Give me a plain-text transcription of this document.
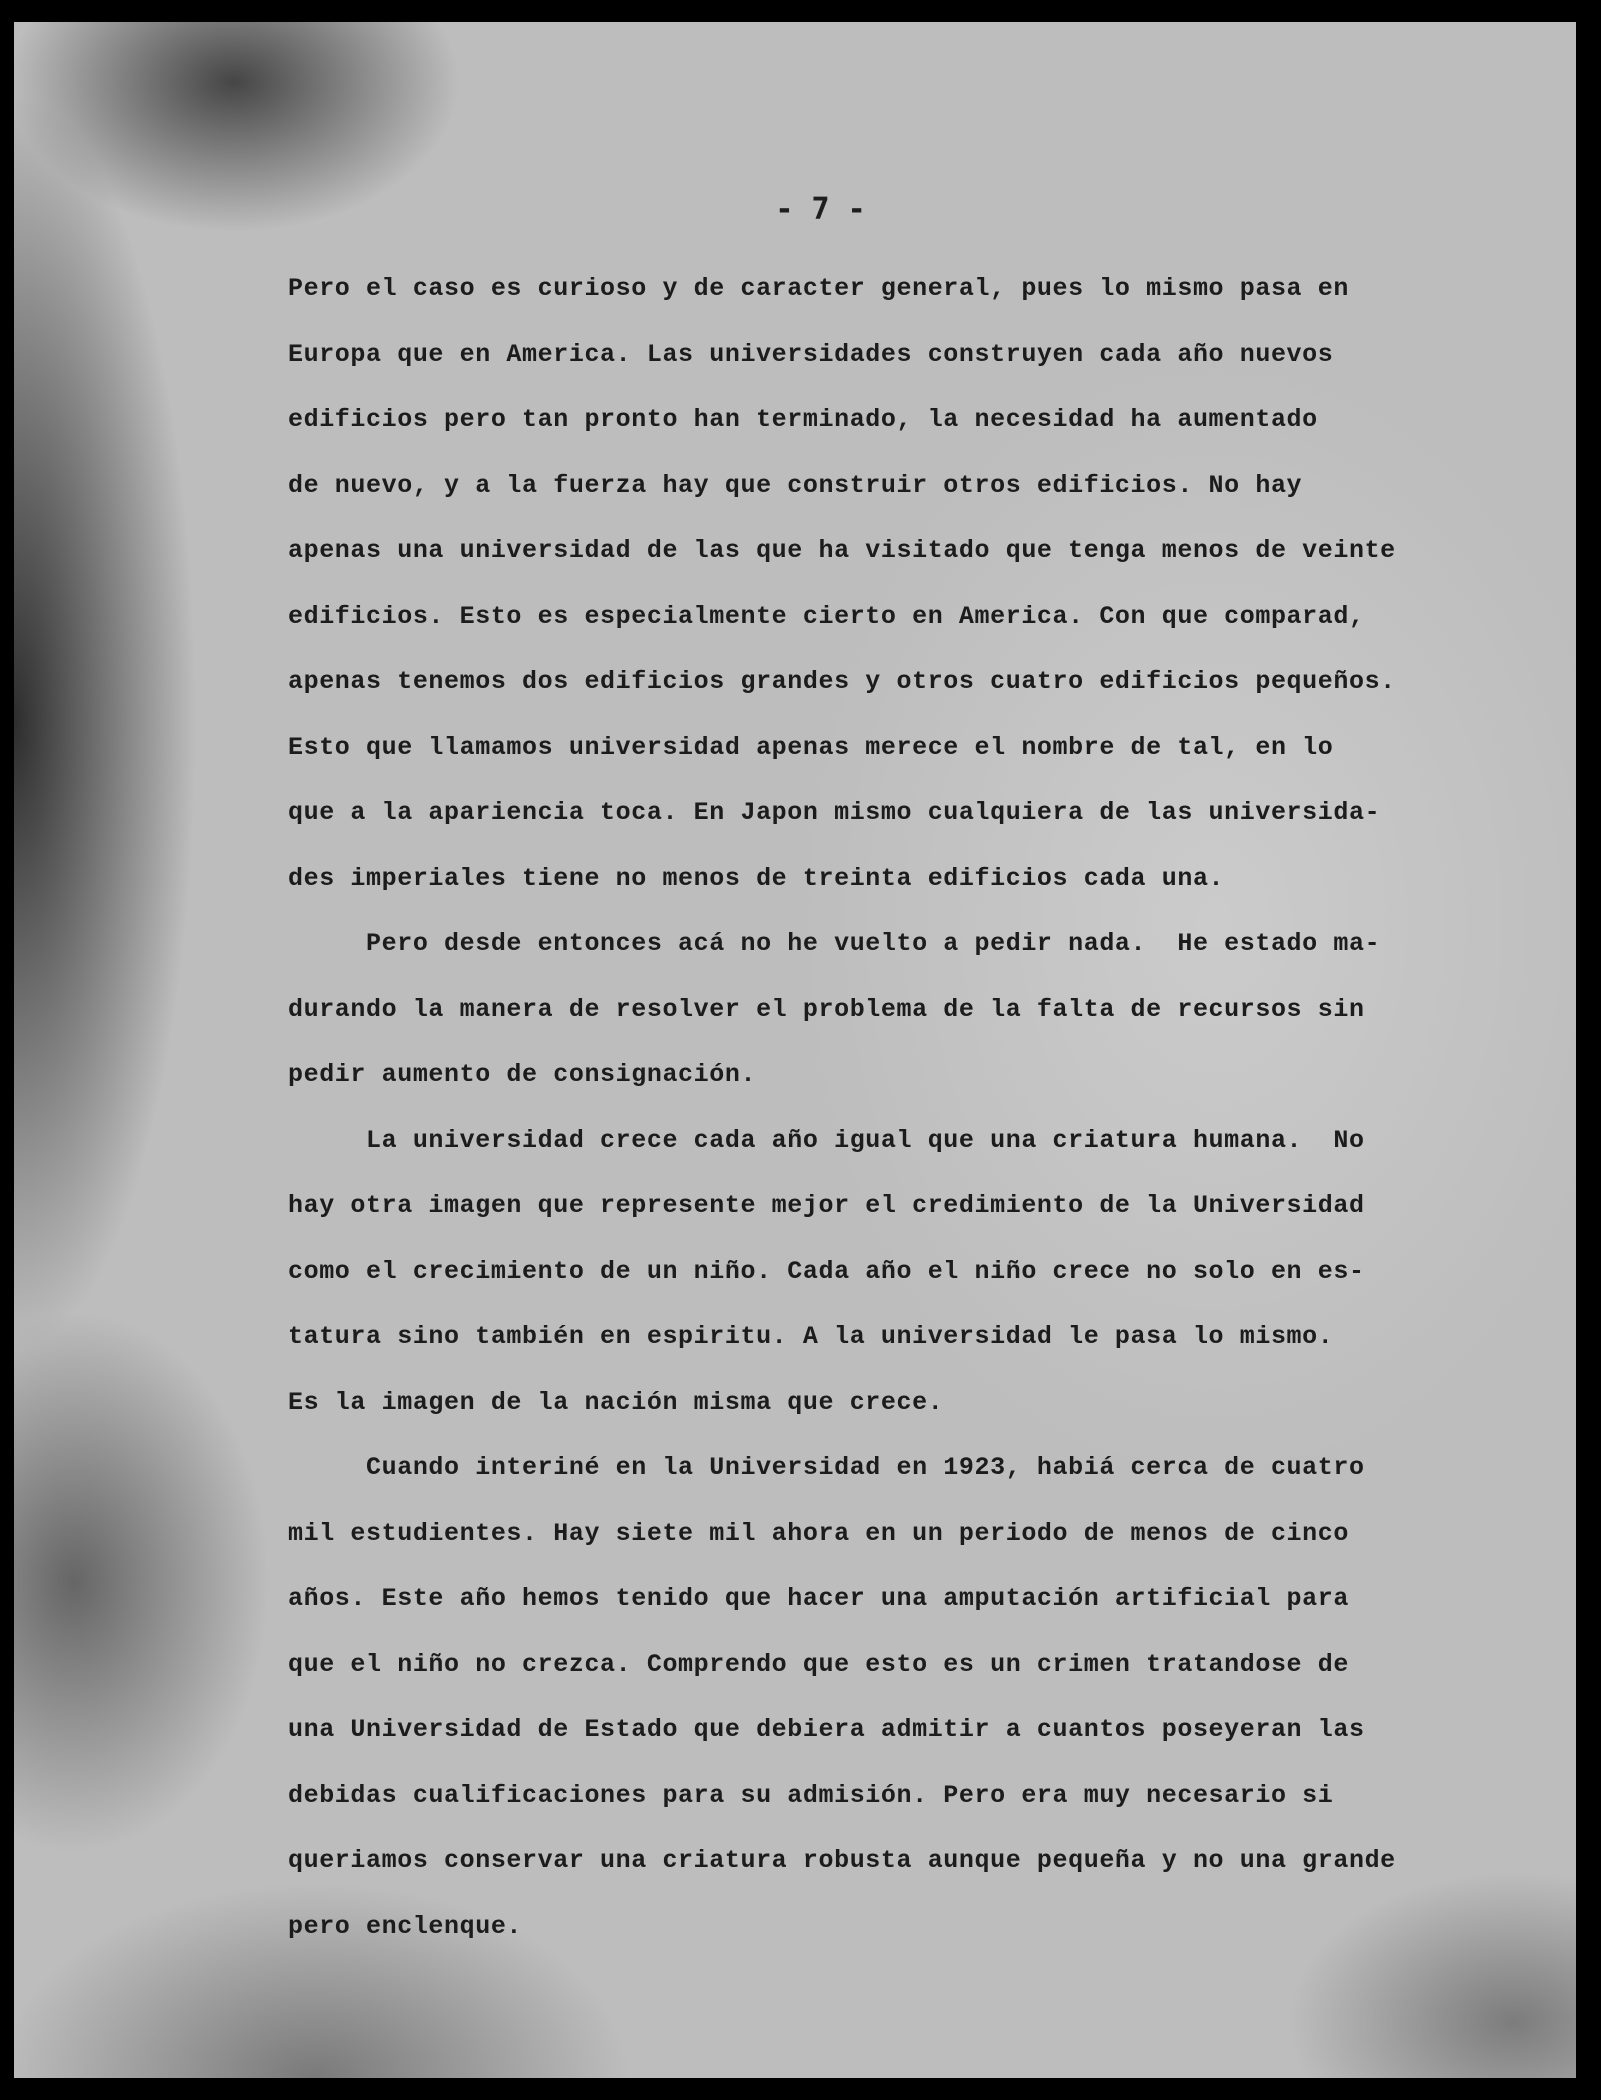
- 7 -
Pero el caso es curioso y de caracter general, pues lo mismo pasa en
Europa que en America. Las universidades construyen cada año nuevos
edificios pero tan pronto han terminado, la necesidad ha aumentado
de nuevo, y a la fuerza hay que construir otros edificios. No hay
apenas una universidad de las que ha visitado que tenga menos de veinte
edificios. Esto es especialmente cierto en America. Con que comparad,
apenas tenemos dos edificios grandes y otros cuatro edificios pequeños.
Esto que llamamos universidad apenas merece el nombre de tal, en lo
que a la apariencia toca. En Japon mismo cualquiera de las universida-
des imperiales tiene no menos de treinta edificios cada una.
Pero desde entonces acá no he vuelto a pedir nada.  He estado ma-
durando la manera de resolver el problema de la falta de recursos sin
pedir aumento de consignación.
La universidad crece cada año igual que una criatura humana.  No
hay otra imagen que represente mejor el credimiento de la Universidad
como el crecimiento de un niño. Cada año el niño crece no solo en es-
tatura sino también en espiritu. A la universidad le pasa lo mismo.
Es la imagen de la nación misma que crece.
Cuando interiné en la Universidad en 1923, habiá cerca de cuatro
mil estudientes. Hay siete mil ahora en un periodo de menos de cinco
años. Este año hemos tenido que hacer una amputación artificial para
que el niño no crezca. Comprendo que esto es un crimen tratandose de
una Universidad de Estado que debiera admitir a cuantos poseyeran las
debidas cualificaciones para su admisión. Pero era muy necesario si
queriamos conservar una criatura robusta aunque pequeña y no una grande
pero enclenque.
